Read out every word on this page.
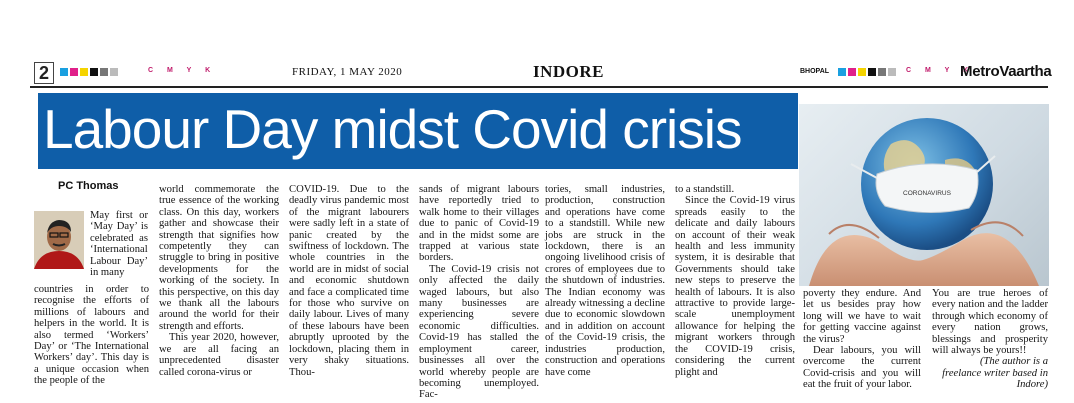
2	C M Y K	FRIDAY, 1 MAY 2020	INDORE	BHOPAL	C M Y K
MetroVaartha
Labour Day midst Covid crisis
CORONAVIRUS
PC Thomas

May first or ‘May Day’ is celebrated as ‘International Labour Day’ in many

countries in order to recognise the efforts of millions of labours and helpers in the world. It is also termed ‘Workers’ Day’ or ‘The International Workers’ day’. This day is a unique occasion when the people of the

world commemorate the true essence of the working class. On this day, workers gather and showcase their strength that signifies how competently they can struggle to bring in positive developments for the working of the society. In this perspective, on this day we thank all the labours around the world for their strength and efforts.

This year 2020, however, we are all facing an unprecedented disaster called corona-virus or

COVID-19. Due to the deadly virus pandemic most of the migrant labourers were sadly left in a state of panic created by the swiftness of lockdown. The whole countries in the world are in midst of social and economic shutdown and face a complicated time for those who survive on daily labour. Lives of many of these labours have been abruptly uprooted by the lockdown, placing them in very shaky situations. Thou-

sands of migrant labours have reportedly tried to walk home to their villages due to panic of Covid-19 and in the midst some are trapped at various state borders.

The Covid-19 crisis not only affected the daily waged labours, but also many businesses are experiencing severe economic difficulties. Covid-19 has stalled the employment career, businesses all over the world whereby people are becoming unemployed. Fac-

tories, small industries, production, construction and operations have come to a standstill. While new jobs are struck in the lockdown, there is an ongoing livelihood crisis of crores of employees due to the shutdown of industries. The Indian economy was already witnessing a decline due to economic slowdown and in addition on account of the Covid-19 crisis, the industries production, construction and operations have come

to a standstill.

Since the Covid-19 virus spreads easily to the delicate and daily labours on account of their weak health and less immunity system, it is desirable that Governments should take new steps to preserve the health of labours. It is also attractive to provide large-scale unemployment allowance for helping the migrant workers through the COVID-19 crisis, considering the current plight and

poverty they endure. And let us besides pray how long will we have to wait for getting vaccine against the virus?

Dear labours, you will overcome the current Covid-crisis and you will eat the fruit of your labor.

You are true heroes of every nation and the ladder through which economy of every nation grows, blessings and prosperity will always be yours!!

(The author is a freelance writer based in Indore)
